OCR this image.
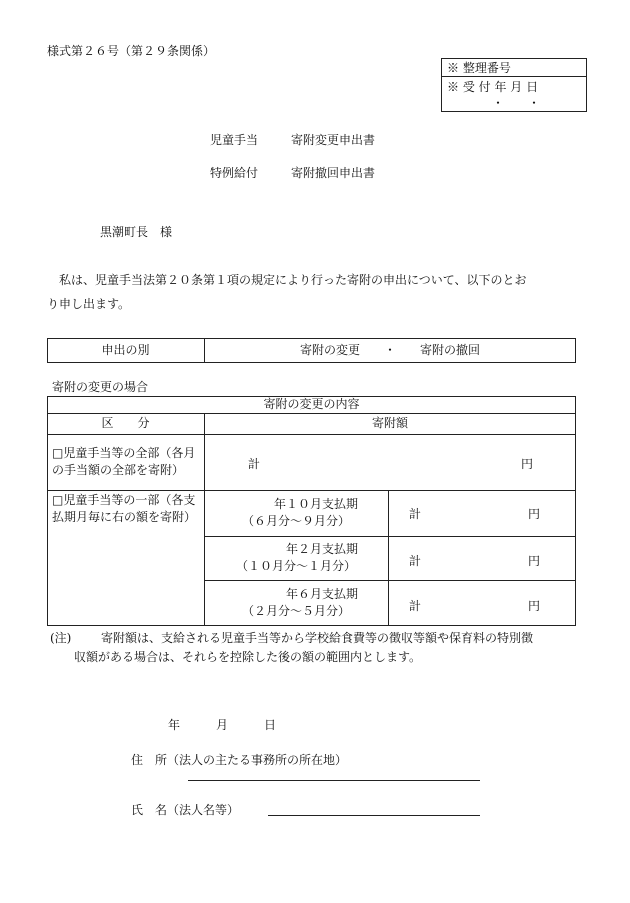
様式第２６号（第２９条関係）
※ 整理番号
※ 受 付 年 月 日
・　　・
児童手当	寄附変更申出書
特例給付	寄附撤回申出書
黒潮町長　様
　私は、児童手当法第２０条第１項の規定により行った寄附の申出について、以下のとお
り申し出ます。
申出の別	寄附の変更　　・　　寄附の撤回
寄附の変更の場合
寄附の変更の内容
区　　分	寄附額
□児童手当等の全部（各月の手当額の全部を寄附）	計	円
□児童手当等の一部（各支払期月毎に右の額を寄附）
年１０月支払期
（６月分～９月分）	計	円
年２月支払期
（１０月分～１月分）	計	円
年６月支払期
（２月分～５月分）	計	円
(注) 寄附額は、支給される児童手当等から学校給食費等の徴収等額や保育料の特別徴
収額がある場合は、それらを控除した後の額の範囲内とします。
年　　　月　　　日
住　所（法人の主たる事務所の所在地）
氏　名（法人名等）
